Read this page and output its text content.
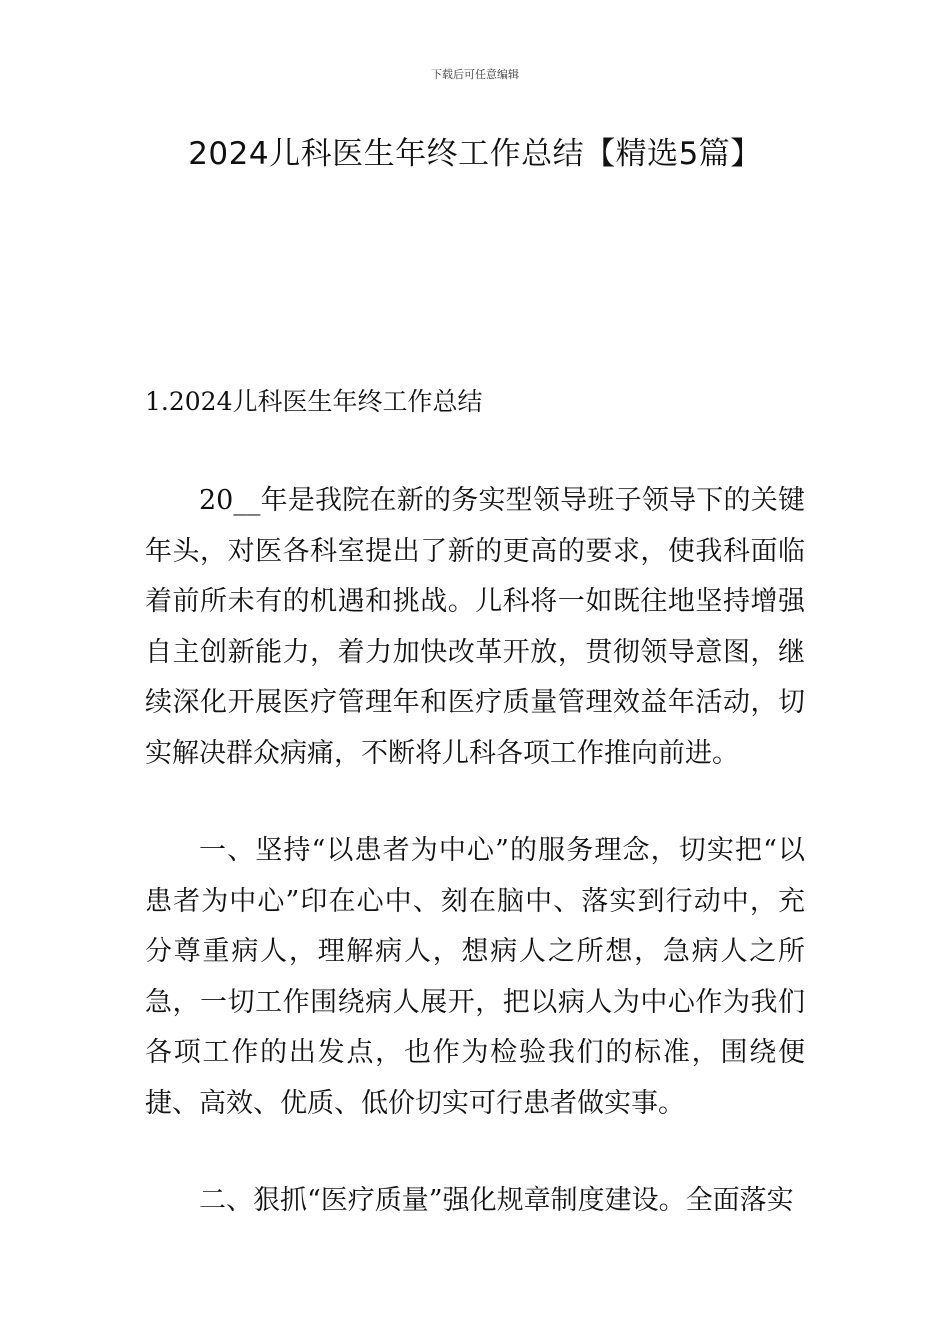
下载后可任意编辑
2024儿科医生年终工作总结【精选5篇】
1.2024儿科医生年终工作总结

20__年是我院在新的务实型领导班子领导下的关键年头，对医各科室提出了新的更高的要求，使我科面临着前所未有的机遇和挑战。儿科将一如既往地坚持增强自主创新能力，着力加快改革开放，贯彻领导意图，继续深化开展医疗管理年和医疗质量管理效益年活动，切实解决群众病痛，不断将儿科各项工作推向前进。

一、坚持“以患者为中心”的服务理念，切实把“以患者为中心”印在心中、刻在脑中、落实到行动中，充分尊重病人，理解病人，想病人之所想，急病人之所急，一切工作围绕病人展开，把以病人为中心作为我们各项工作的出发点，也作为检验我们的标准，围绕便捷、高效、优质、低价切实可行患者做实事。

二、狠抓“医疗质量”强化规章制度建设。全面落实
